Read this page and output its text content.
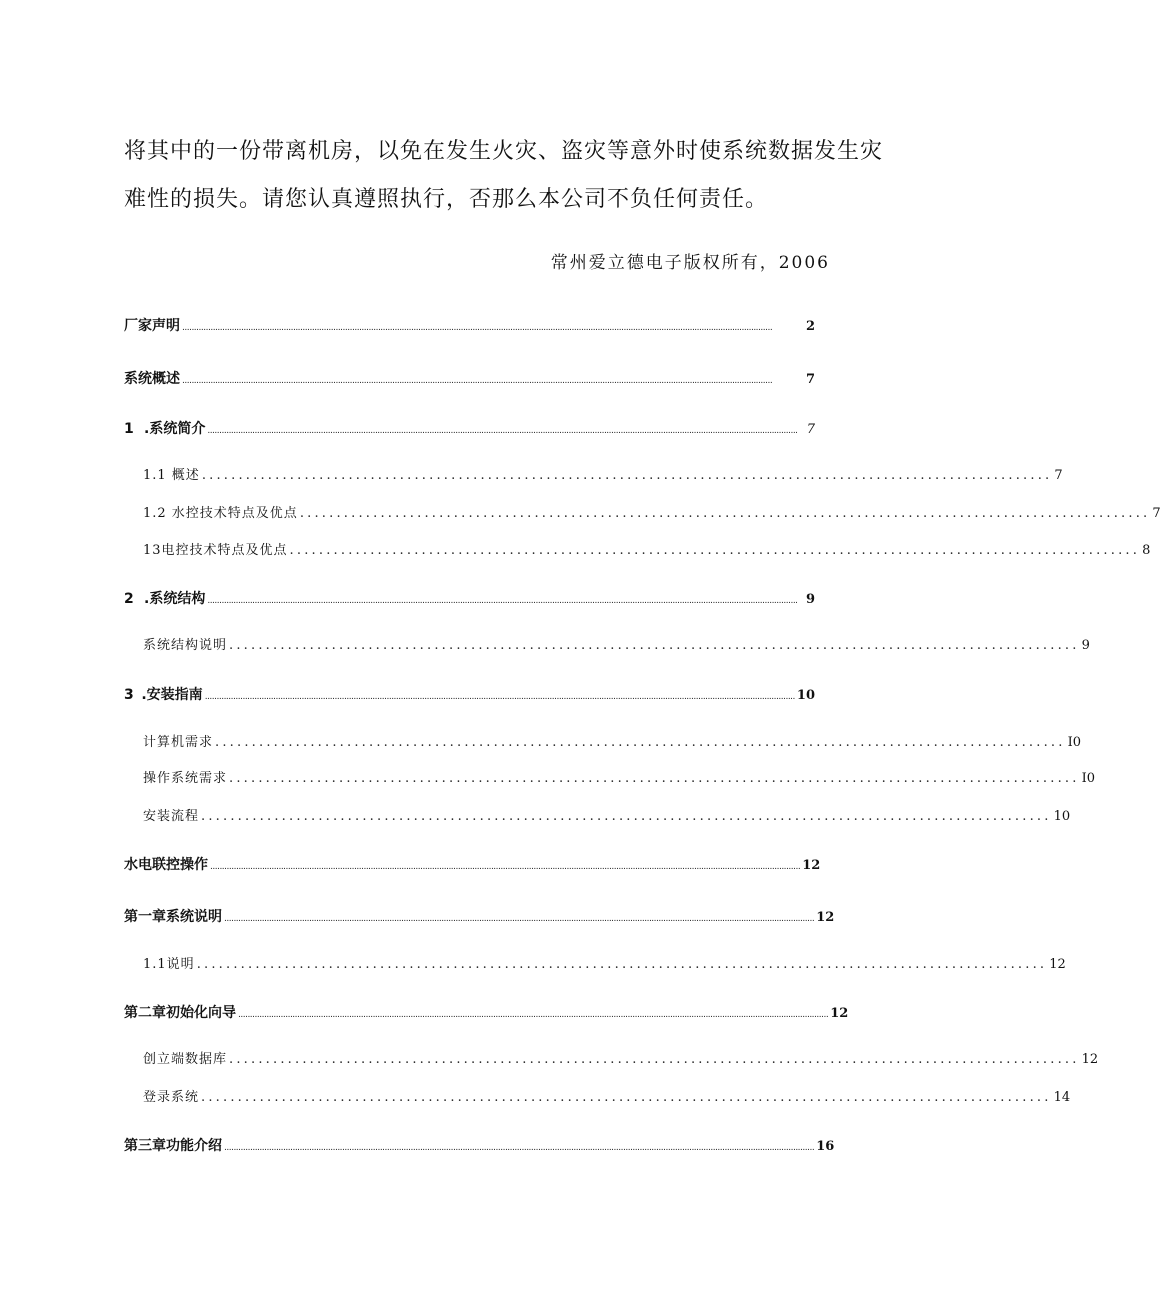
将其中的一份带离机房，以免在发生火灾、盗灾等意外时使系统数据发生灾
难性的损失。请您认真遵照执行，否那么本公司不负任何责任。
常州爱立德电子版权所有，2006
厂家声明 ..........................................................................................................................................................................................................................................................	2
系统概述 ..........................................................................................................................................................................................................................................................	7
1 .系统简介 .......................................................................................................................................................................................................................................................... 7
1.1 概述 .................................................................................................................... 7
1.2 水控技术特点及优点 .................................................................................................................... 7
13电控技术特点及优点 .................................................................................................................... 8
2 .系统结构 .......................................................................................................................................................................................................................................................... 9
系统结构说明 .................................................................................................................... 9
3 .安装指南 .......................................................................................................................................................................................................................................................... 10
计算机需求 .................................................................................................................... I0
操作系统需求 .................................................................................................................... I0
安装流程 .................................................................................................................... 10
水电联控操作 .......................................................................................................................................................................................................................................................... 12
第一章系统说明 .......................................................................................................................................................................................................................................................... 12
1.1说明 .................................................................................................................... 12
第二章初始化向导 .......................................................................................................................................................................................................................................................... 12
创立端数据库 .................................................................................................................... 12
登录系统 .................................................................................................................... 14
第三章功能介绍 .......................................................................................................................................................................................................................................................... 16
